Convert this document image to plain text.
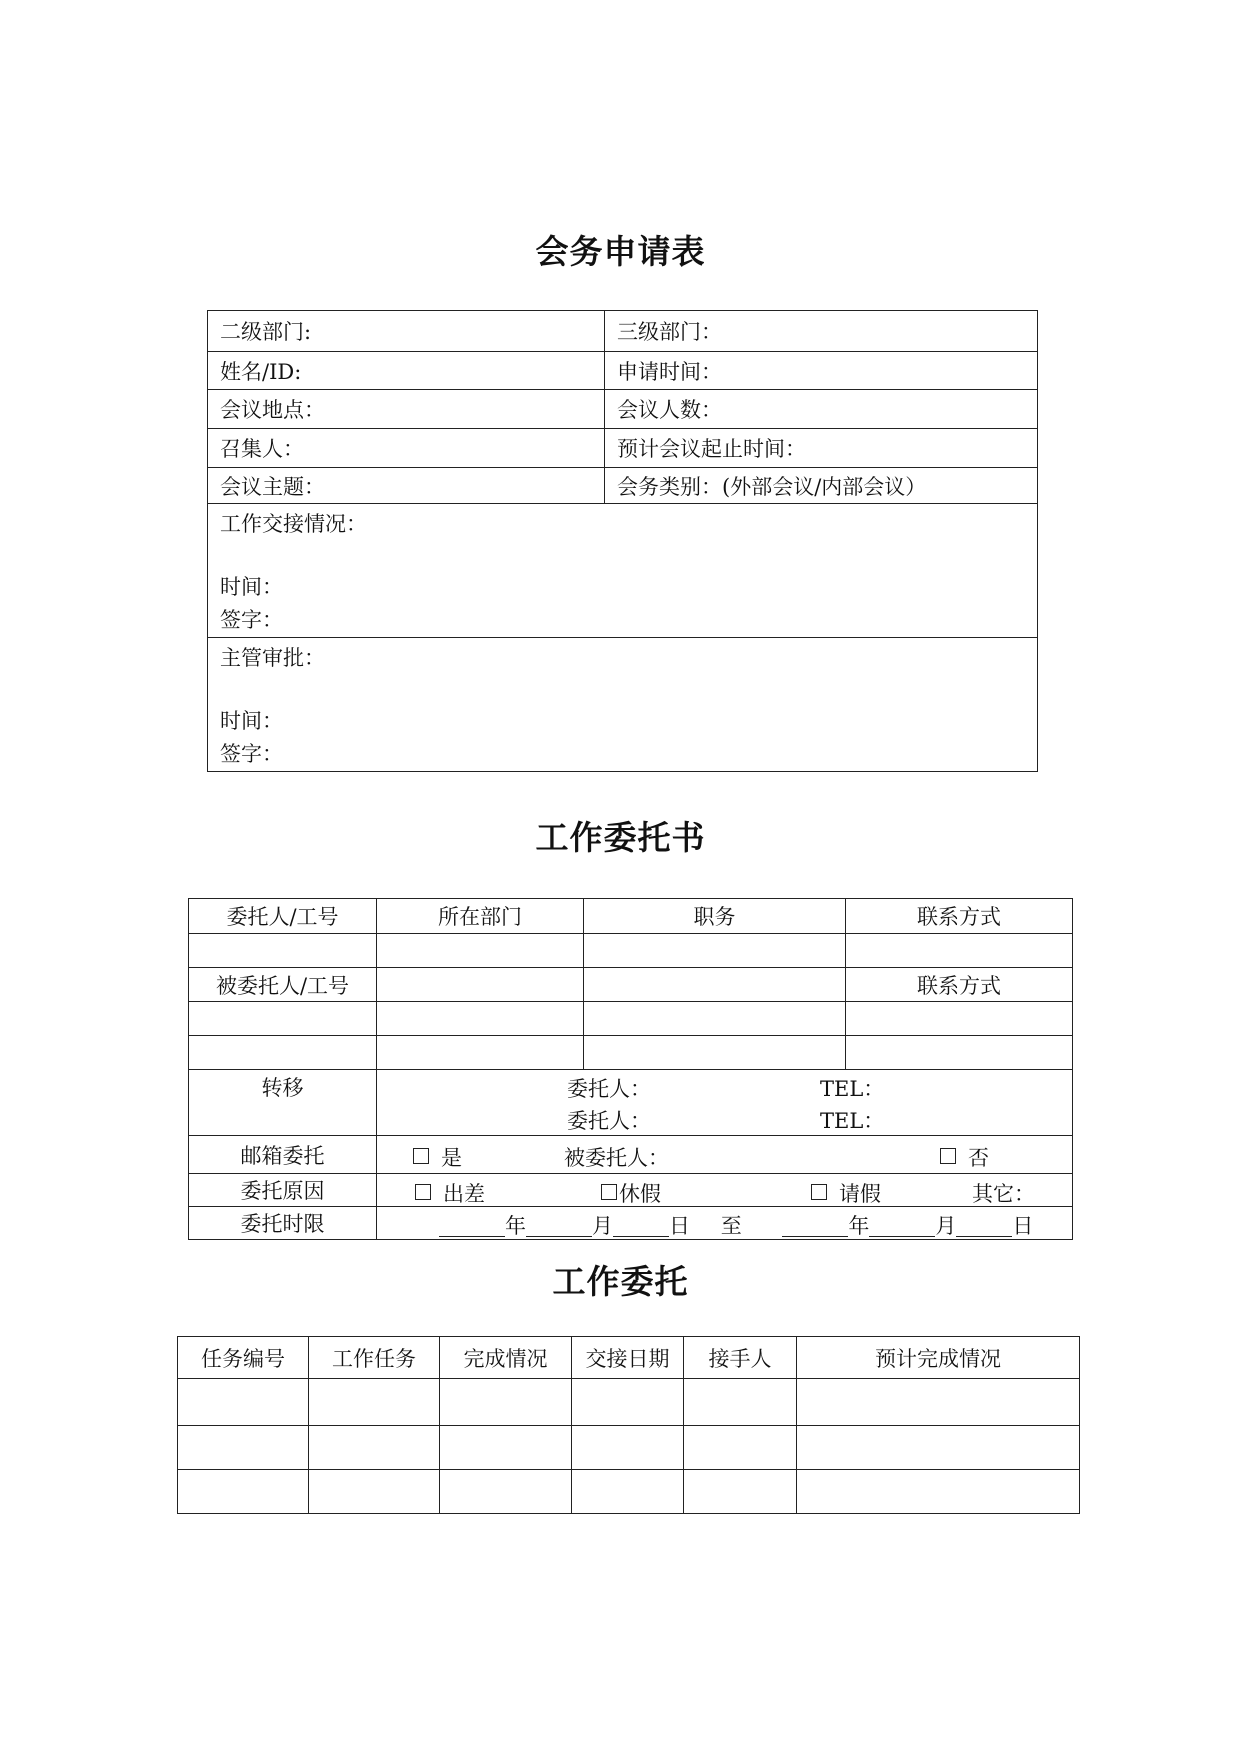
会务申请表
二级部门:	三级部门：
姓名/ID:	申请时间：
会议地点：	会议人数：
召集人：	预计会议起止时间：
会议主题：	会务类别：(外部会议/内部会议）

工作交接情况：
时间：
签字：	

主管审批：
时间：
签字：	
工作委托书
委托人/工号	所在部门	职务	联系方式

被委托人/工号			联系方式

转移	委托人： TEL：
委托人： TEL：		

邮箱委托	是 被委托人： 否		

委托原因	出差 休假 请假 其它：		

委托时限	年 月 日 至 年 月 日		
工作委托
任务编号	工作任务	完成情况	交接日期	接手人	预计完成情况
